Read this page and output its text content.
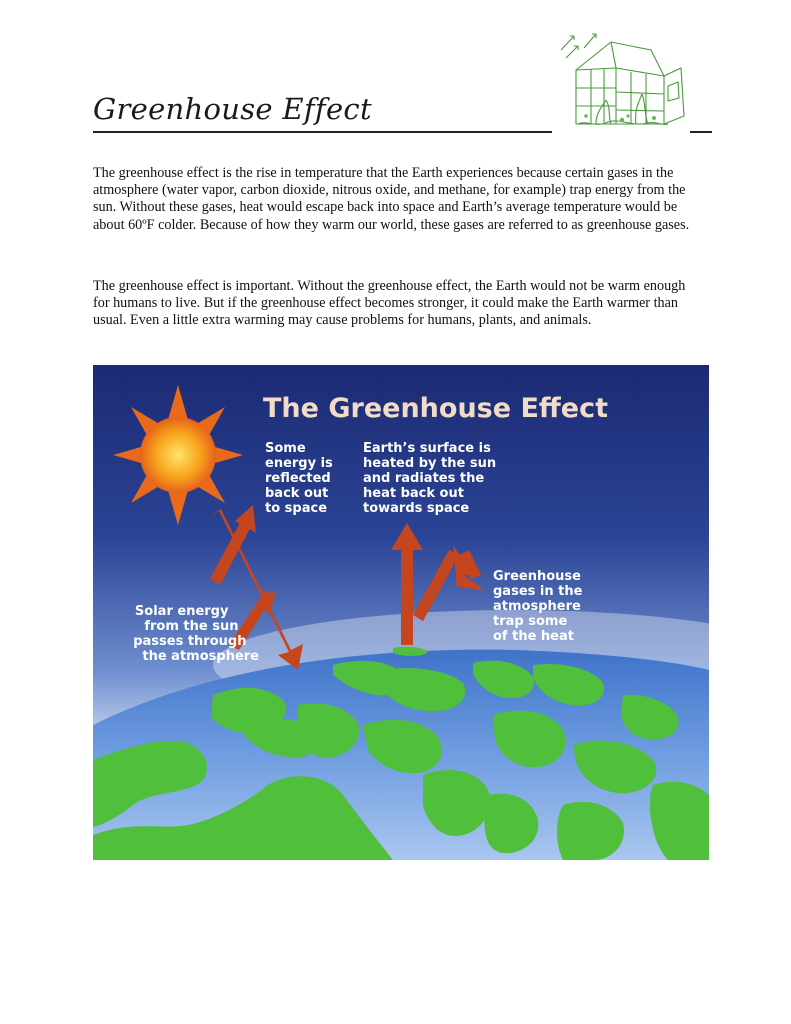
Greenhouse Effect

The greenhouse effect is the rise in temperature that the Earth experiences because certain gases in the atmosphere (water vapor, carbon dioxide, nitrous oxide, and methane, for example) trap energy from the sun. Without these gases, heat would escape back into space and Earth’s average temperature would be about 60ºF colder. Because of how they warm our world, these gases are referred to as greenhouse gases.

The greenhouse effect is important. Without the greenhouse effect, the Earth would not be warm enough for humans to live. But if the greenhouse effect becomes stronger, it could make the Earth warmer than usual. Even a little extra warming may cause problems for humans, plants, and animals.

The Greenhouse Effect
Some energy is reflected back out to space
Earth’s surface is heated by the sun and radiates the heat back out towards space
Greenhouse gases in the atmosphere trap some of the heat
Solar energy from the sun passes through the atmosphere
